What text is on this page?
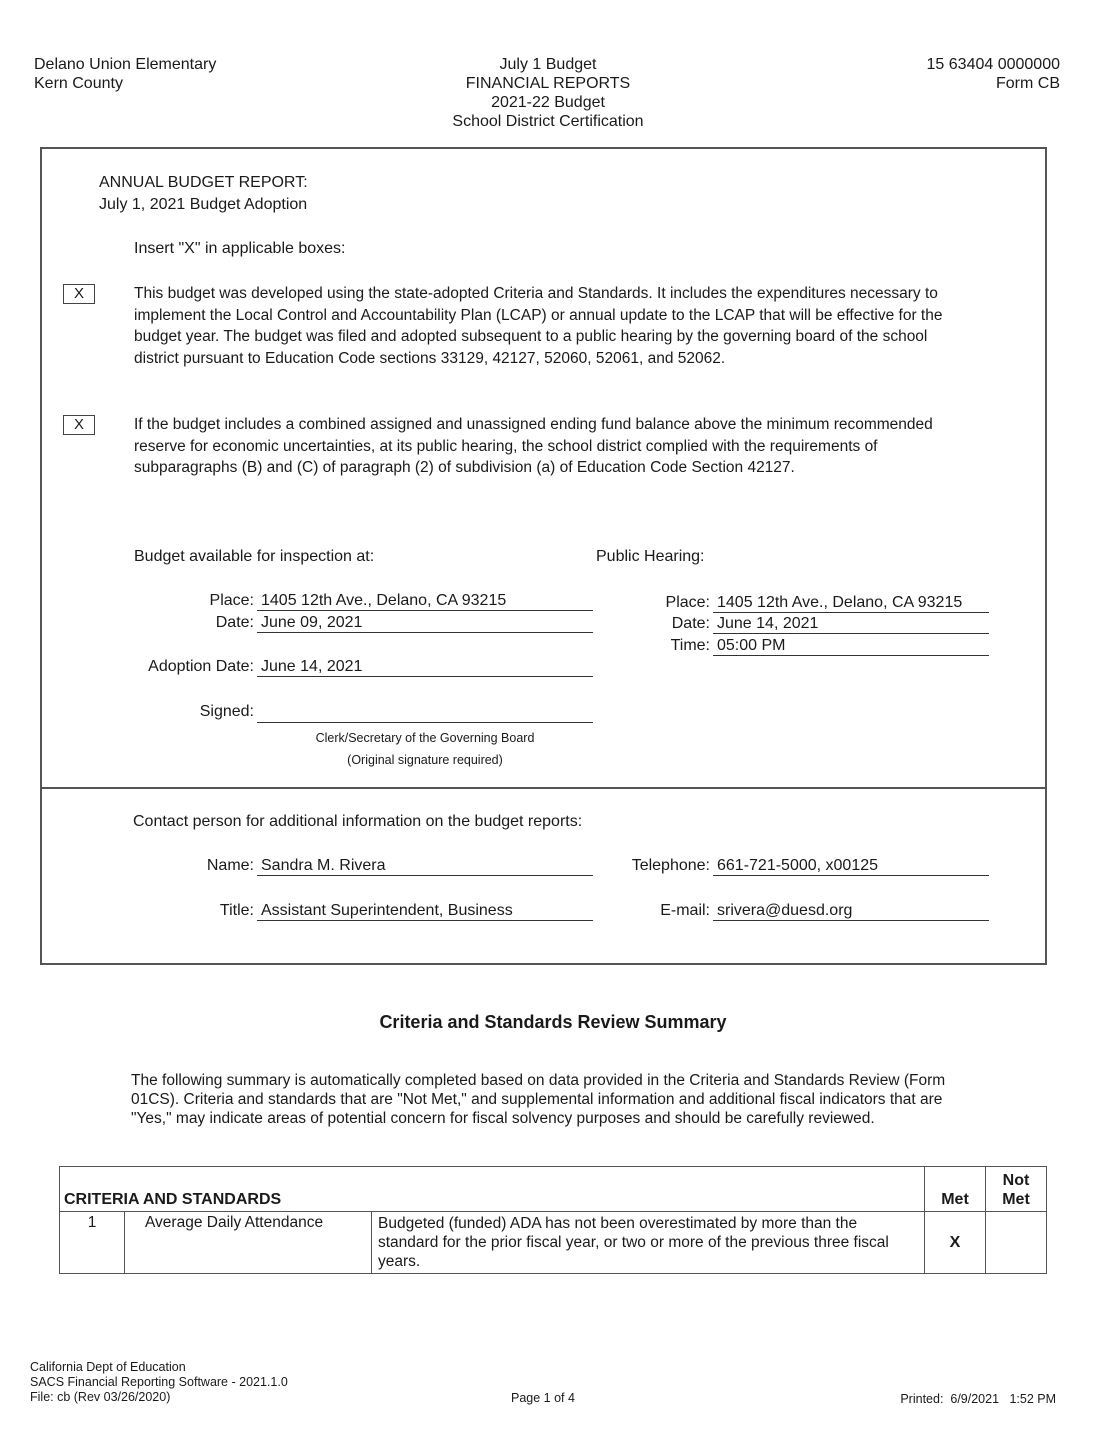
Delano Union Elementary
Kern County
July 1 Budget
FINANCIAL REPORTS
2021-22 Budget
School District Certification
15 63404 0000000
Form CB
ANNUAL BUDGET REPORT:
July 1, 2021 Budget Adoption
Insert "X" in applicable boxes:
X	This budget was developed using the state-adopted Criteria and Standards. It includes the expenditures necessary to implement the Local Control and Accountability Plan (LCAP) or annual update to the LCAP that will be effective for the budget year. The budget was filed and adopted subsequent to a public hearing by the governing board of the school district pursuant to Education Code sections 33129, 42127, 52060, 52061, and 52062.
X	If the budget includes a combined assigned and unassigned ending fund balance above the minimum recommended reserve for economic uncertainties, at its public hearing, the school district complied with the requirements of subparagraphs (B) and (C) of paragraph (2) of subdivision (a) of Education Code Section 42127.
Budget available for inspection at:	Public Hearing:
Place: 1405 12th Ave., Delano, CA 93215
Date: June 09, 2021
Adoption Date: June 14, 2021
Signed:
Clerk/Secretary of the Governing Board
(Original signature required)
Place: 1405 12th Ave., Delano, CA 93215
Date: June 14, 2021
Time: 05:00 PM
Contact person for additional information on the budget reports:
Name: Sandra M. Rivera
Title: Assistant Superintendent, Business
Telephone: 661-721-5000, x00125
E-mail: srivera@duesd.org
Criteria and Standards Review Summary
The following summary is automatically completed based on data provided in the Criteria and Standards Review (Form 01CS). Criteria and standards that are "Not Met," and supplemental information and additional fiscal indicators that are "Yes," may indicate areas of potential concern for fiscal solvency purposes and should be carefully reviewed.
CRITERIA AND STANDARDS			Met	Not
Met

1	Average Daily Attendance	Budgeted (funded) ADA has not been overestimated by more than the standard for the prior fiscal year, or two or more of the previous three fiscal years.	X	
California Dept of Education
SACS Financial Reporting Software - 2021.1.0
File: cb (Rev 03/26/2020)	Page 1 of 4	Printed:  6/9/2021   1:52 PM
